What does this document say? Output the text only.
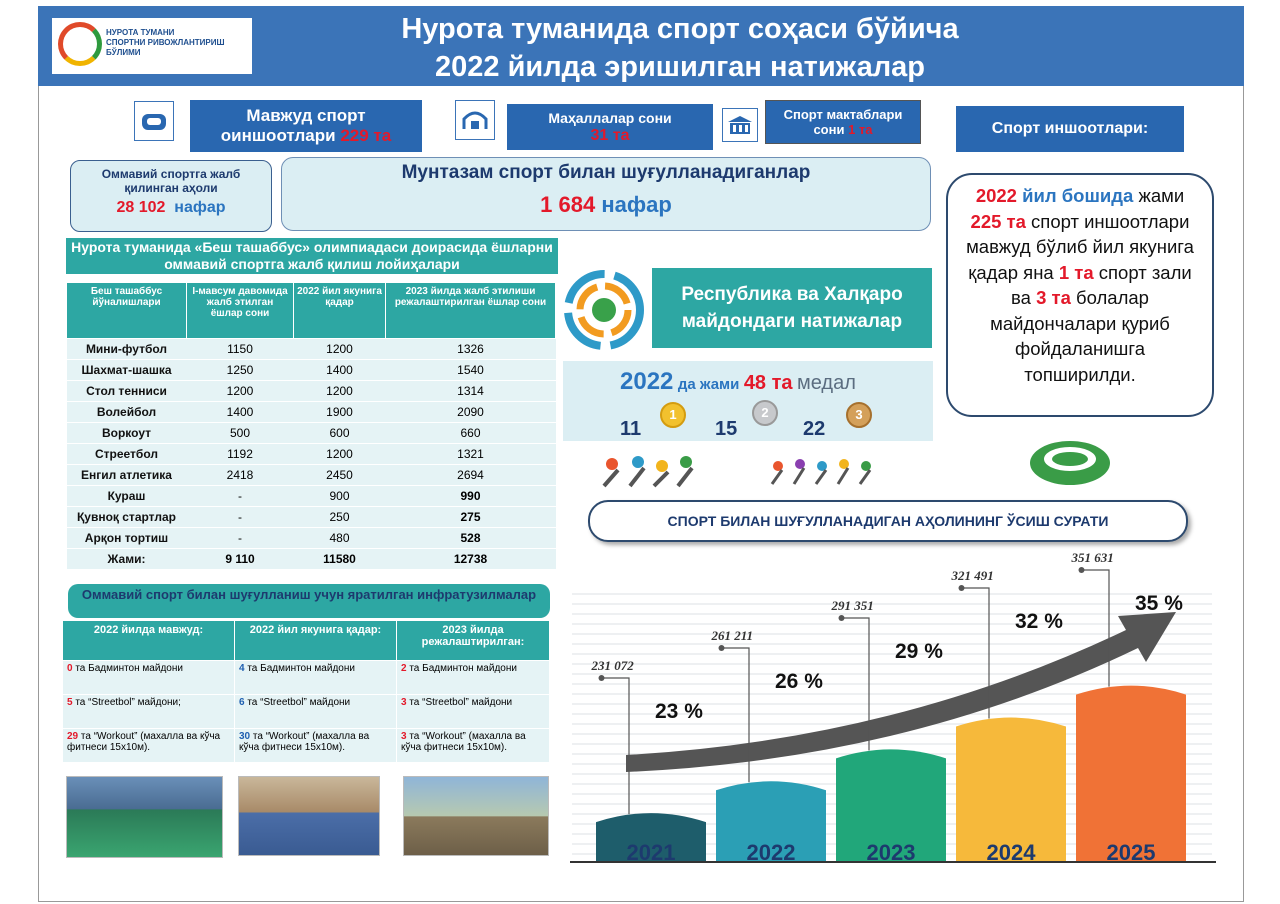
НУРОТА ТУМАНИ
СПОРТНИ РИВОЖЛАНТИРИШ
БЎЛИМИ
Нурота туманида спорт соҳаси бўйича
2022 йилда эришилган натижалар
Мавжуд спорт
оиншоотлари 229 та
Маҳаллалар сони
31 та
Спорт мактаблари
сони 1 та	Спорт иншоотлари:
Оммавий спортга жалб қилинган аҳоли
28 102 нафар
Мунтазам спорт билан шуғулланадиганлар
1 684 нафар	2022 йил бошида жами 225 та спорт иншоотлари мавжуд бўлиб йил якунига қадар яна 1 та спорт зали ва 3 та болалар майдончалари қуриб фойдаланишга топширилди.
Нурота туманида «Беш ташаббус» олимпиадаси доирасида ёшларни оммавий спортга жалб қилиш лойиҳалари
Беш ташаббус йўналишлари	I-мавсум давомида жалб этилган ёшлар сони	2022 йил якунига қадар	2023 йилда жалб этилиши режалаштирилган ёшлар сони
Мини-футбол	1150	1200	1326
Шахмат-шашка	1250	1400	1540
Стол тенниси	1200	1200	1314
Волейбол	1400	1900	2090
Воркоут	500	600	660
Стреетбол	1192	1200	1321
Енгил атлетика	2418	2450	2694
Кураш	-	900	990
Қувноқ стартлар	-	250	275
Арқон тортиш	-	480	528
Жами:	9 110	11580	12738
Оммавий спорт билан шуғулланиш учун яратилган инфратузилмалар
2022 йилда мавжуд:	2022 йил якунига қадар:	2023 йилда режалаштирилган:
0 та Бадминтон майдони	4 та Бадминтон майдони	2 та Бадминтон майдони
5 та “Streetbol” майдони;	6 та “Streetbol” майдони	3 та “Streetbol” майдони
29 та “Workout” (махалла ва кўча фитнеси 15x10м).	30 та “Workout” (махалла ва кўча фитнеси 15x10м).	3 та “Workout” (махалла ва кўча фитнеси 15x10м).
Республика ва Халқаро майдондаги натижалар
2022 да жами 48 та медал
11
1
15
2
22
3
СПОРТ БИЛАН ШУҒУЛЛАНАДИГАН АҲОЛИНИНГ ЎСИШ СУРАТИ
2021
231 072
23 %
2022
261 211
26 %
2023
291 351
29 %
2024
321 491
32 %
2025
351 631
35 %
